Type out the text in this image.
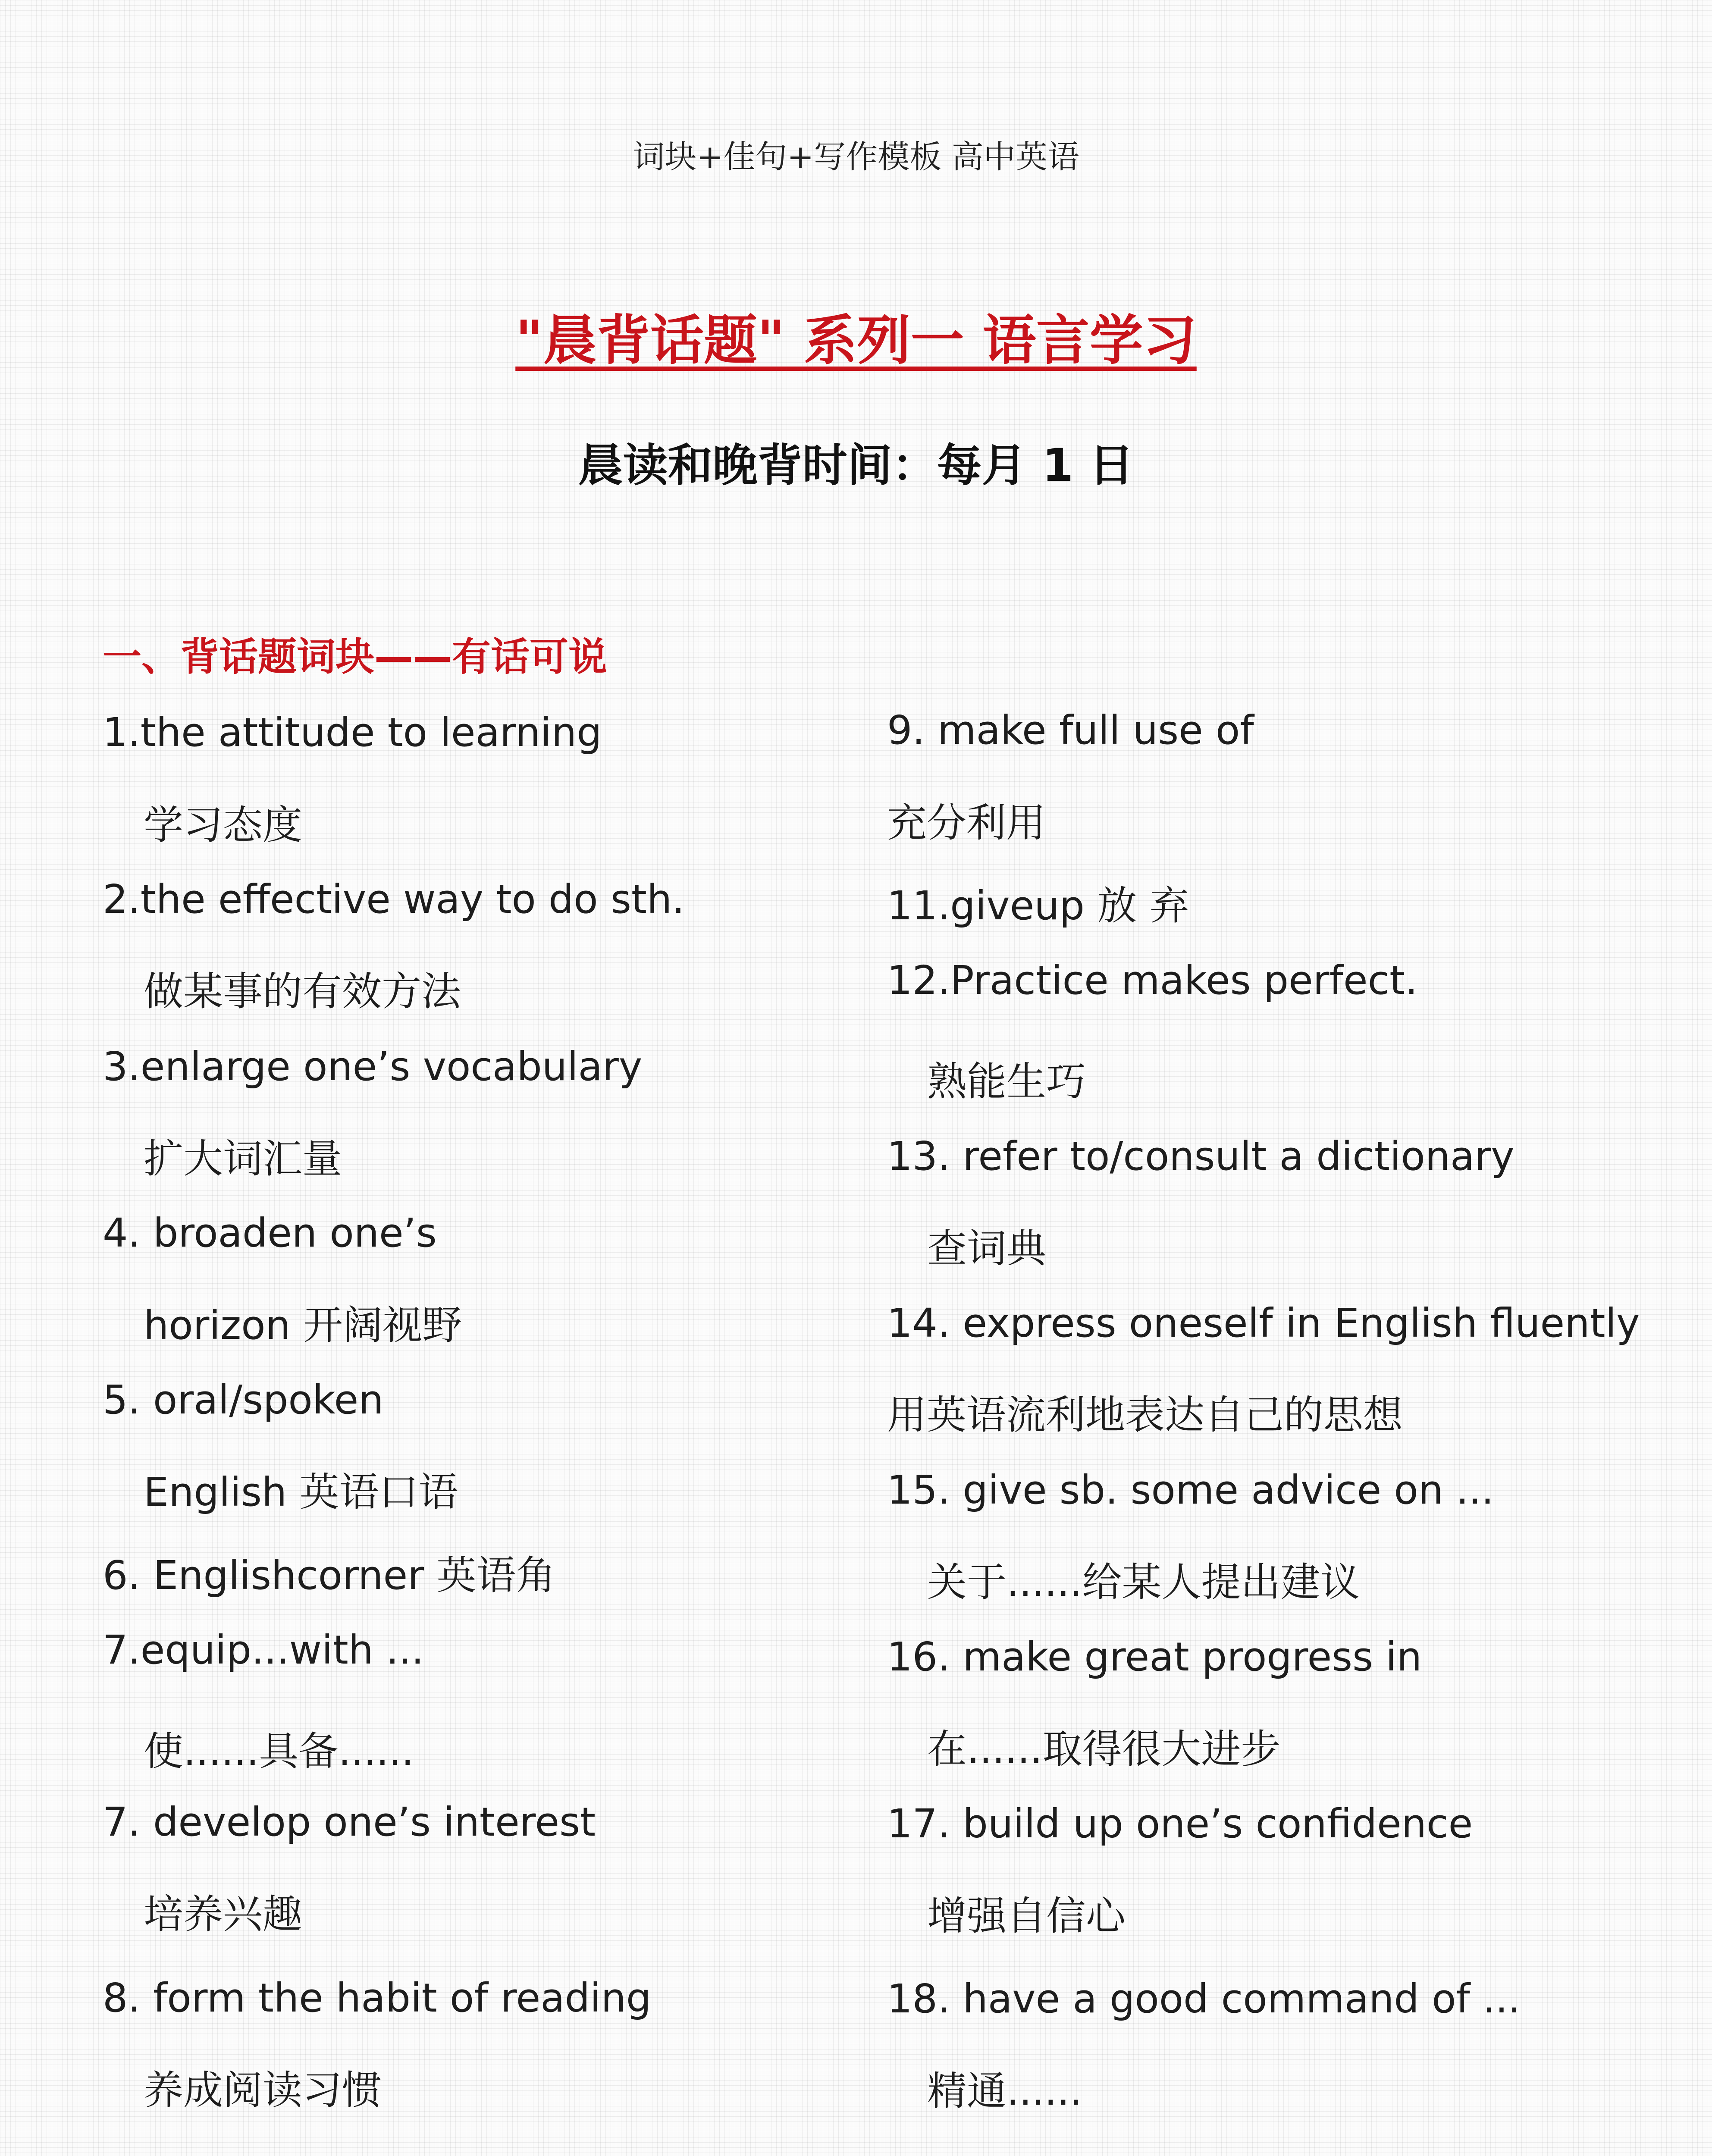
词块+佳句+写作模板 高中英语
"晨背话题" 系列一 语言学习
晨读和晚背时间：每月 1 日
一、背话题词块——有话可说
1.the attitude to learning
学习态度
2.the effective way to do sth.
做某事的有效方法
3.enlarge one’s vocabulary
扩大词汇量
4. broaden one’s
horizon 开阔视野
5. oral/spoken
English 英语口语
6. Englishcorner 英语角
7.equip...with ...
使......具备......
7. develop one’s interest
培养兴趣
8. form the habit of reading
养成阅读习惯
9. make full use of
充分利用
11.giveup 放 弃
12.Practice makes perfect.
熟能生巧
13. refer to/consult a dictionary
查词典
14. express oneself in English fluently
用英语流利地表达自己的思想
15. give sb. some advice on ...
关于......给某人提出建议
16. make great progress in
在......取得很大进步
17. build up one’s confidence
增强自信心
18. have a good command of ...
精通......
